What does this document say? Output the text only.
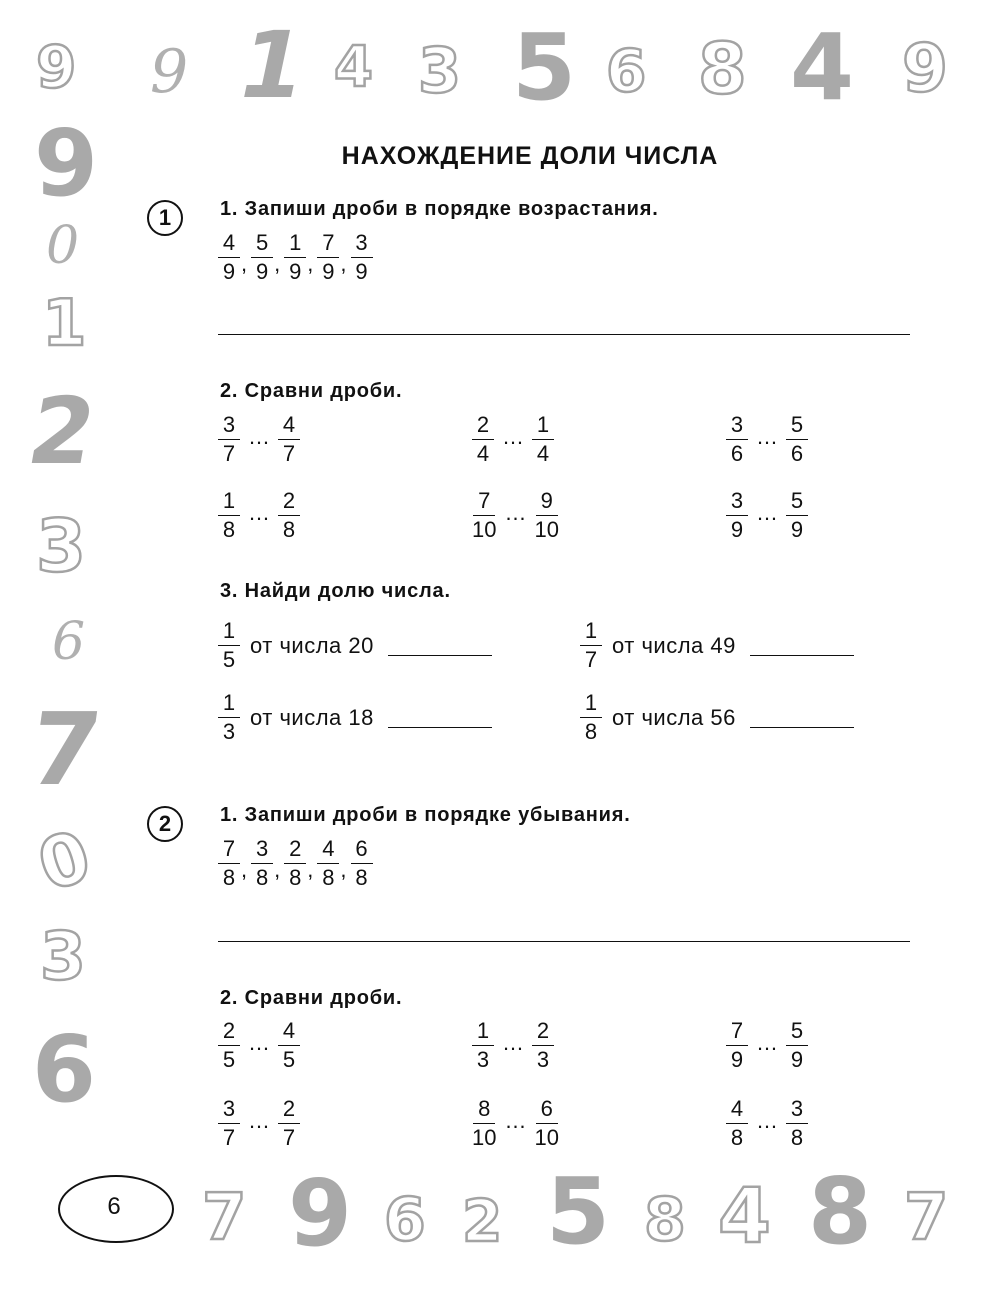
9 9 1 4 3 5 6 8 4 9
9
0
1
2
3
6
7
0
3
6
7 9 6 2 5 8 4 8 7
НАХОЖДЕНИЕ ДОЛИ ЧИСЛА
1	1. Запиши дроби в порядке возрастания.
$\frac{4}{9}$ , $\frac{5}{9}$ , $\frac{1}{9}$ , $\frac{7}{9}$ , $\frac{3}{9}$
2. Сравни дроби.
$\frac{3}{7}$ … $\frac{4}{7}$	$\frac{2}{4}$ … $\frac{1}{4}$	$\frac{3}{6}$ … $\frac{5}{6}$
$\frac{1}{8}$ … $\frac{2}{8}$	$\frac{7}{10}$ … $\frac{9}{10}$	$\frac{3}{9}$ … $\frac{5}{9}$
3. Найди долю числа.
$\frac{1}{5}$ от числа 20	$\frac{1}{7}$ от числа 49
$\frac{1}{3}$ от числа 18	$\frac{1}{8}$ от числа 56
2	1. Запиши дроби в порядке убывания.
$\frac{7}{8}$ , $\frac{3}{8}$ , $\frac{2}{8}$ , $\frac{4}{8}$ , $\frac{6}{8}$
2. Сравни дроби.
$\frac{2}{5}$ … $\frac{4}{5}$	$\frac{1}{3}$ … $\frac{2}{3}$	$\frac{7}{9}$ … $\frac{5}{9}$
$\frac{3}{7}$ … $\frac{2}{7}$	$\frac{8}{10}$ … $\frac{6}{10}$	$\frac{4}{8}$ … $\frac{3}{8}$
6
